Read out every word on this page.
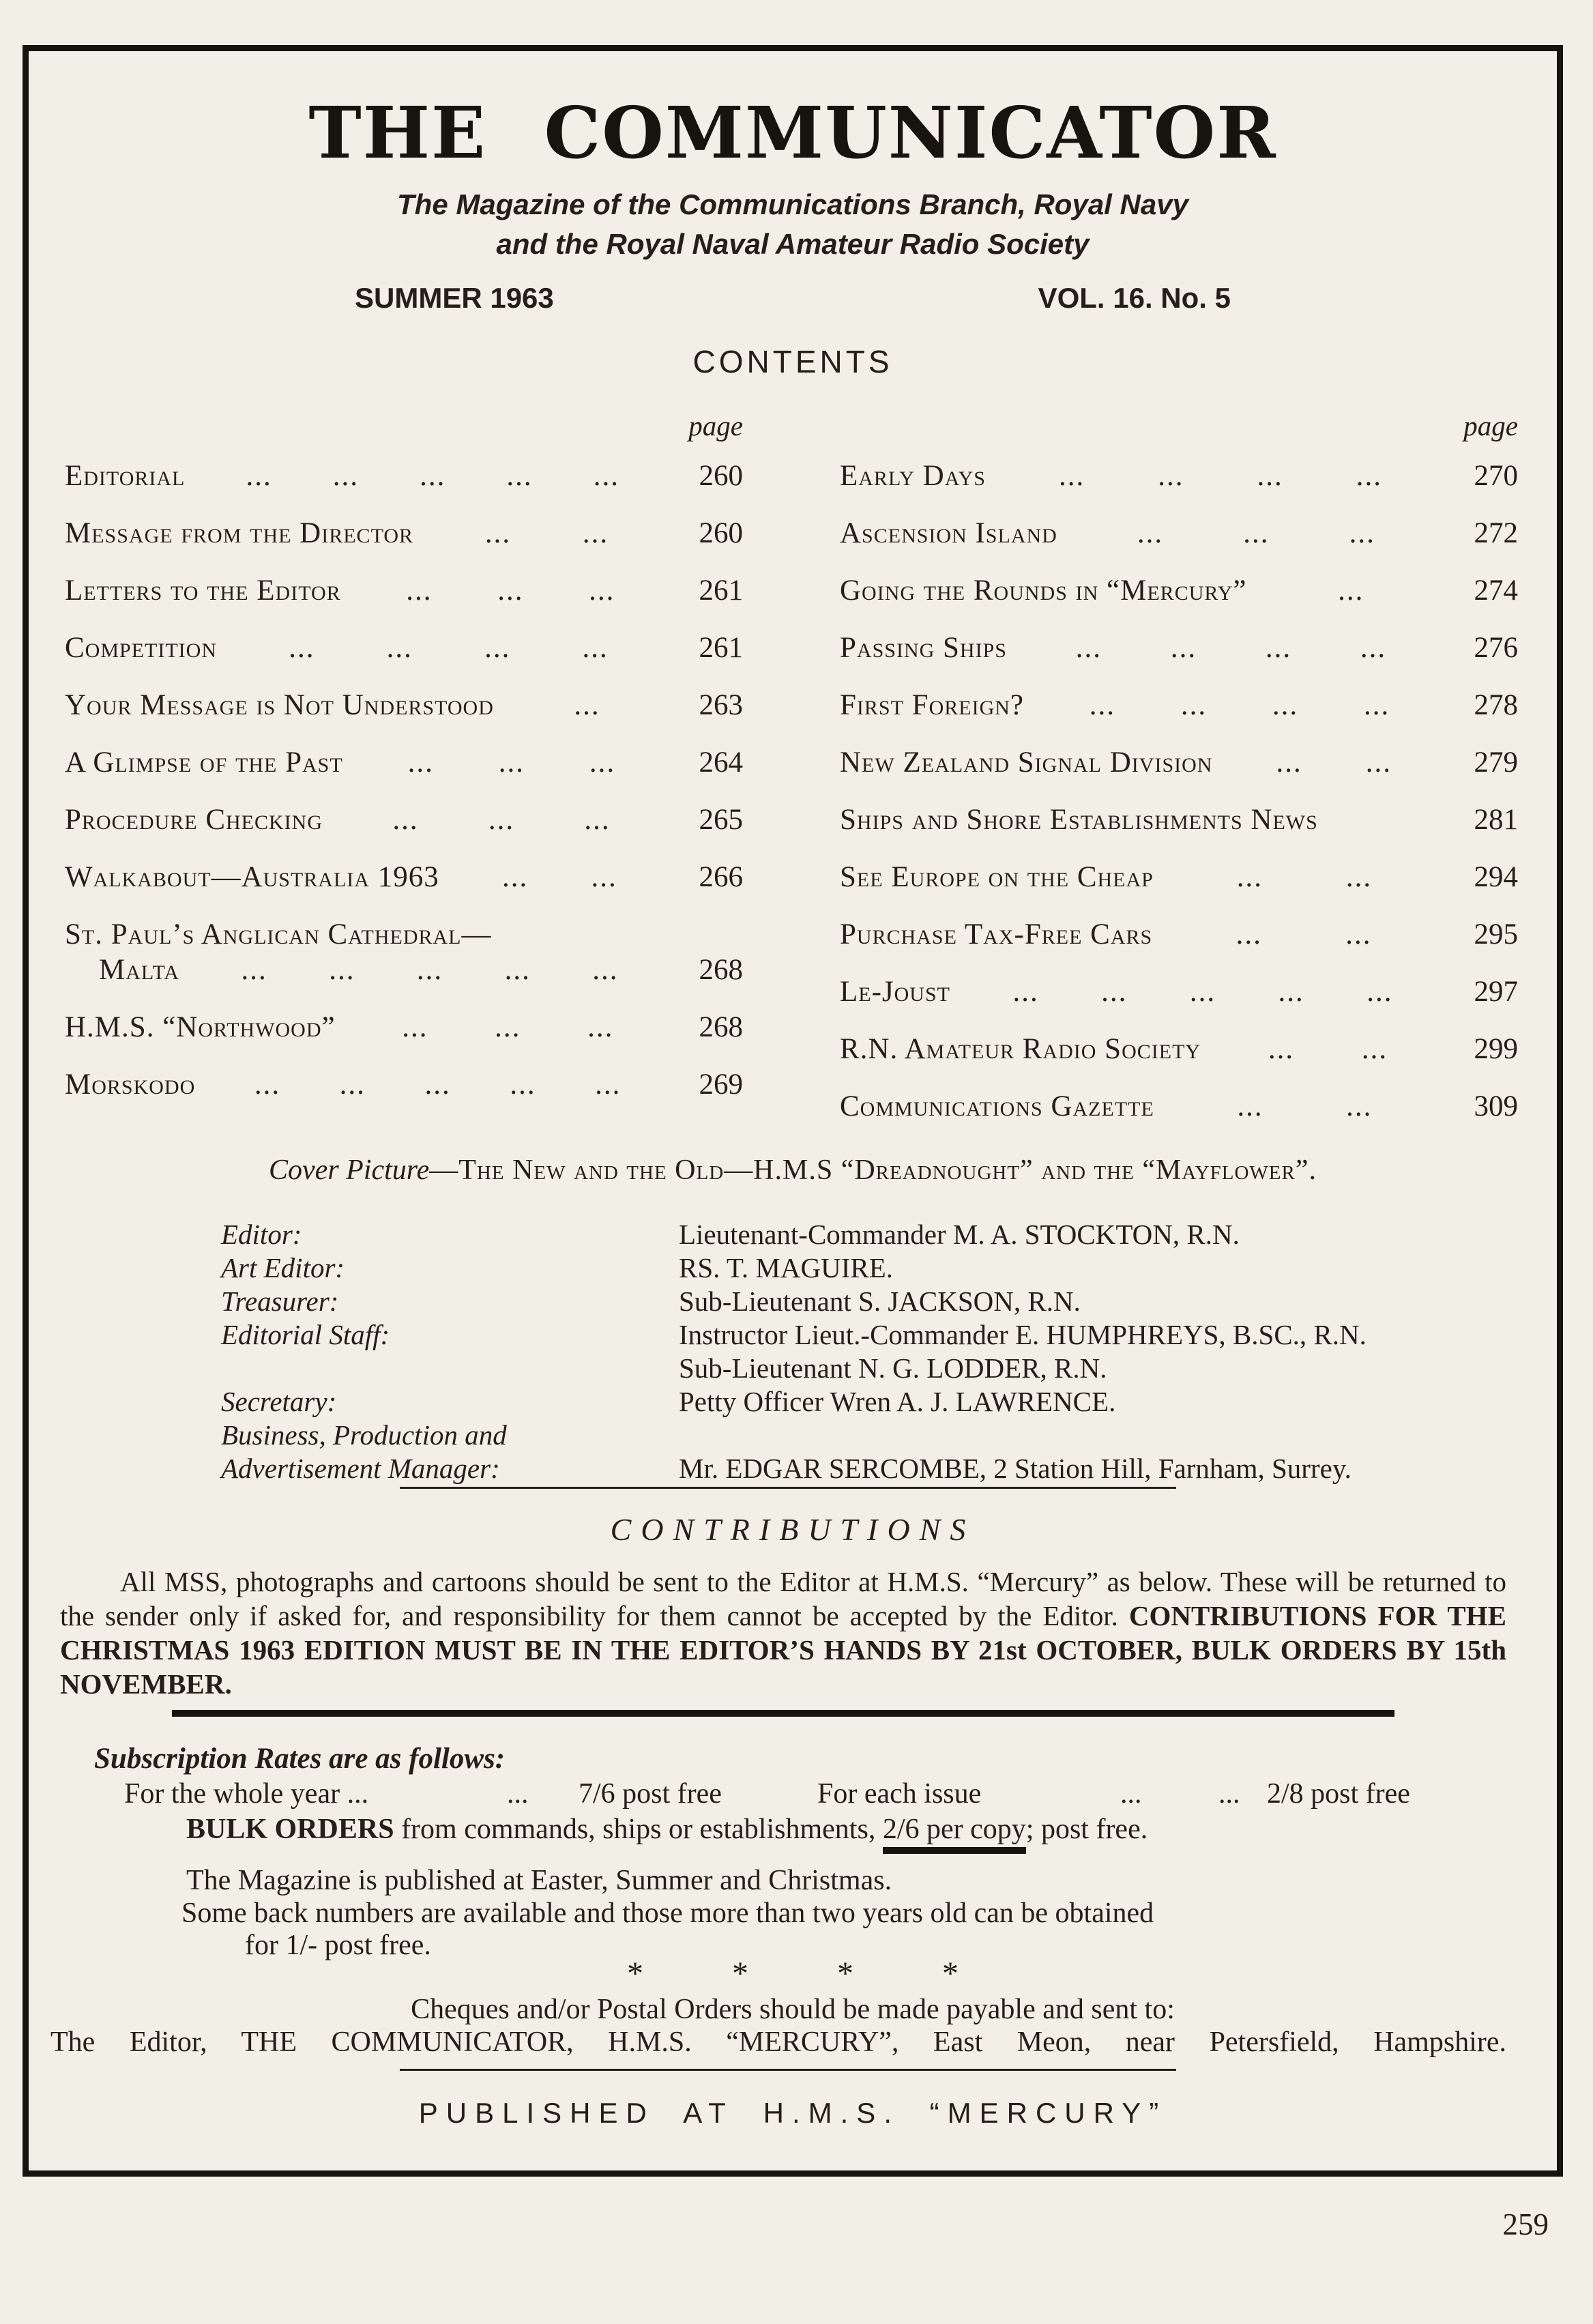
THE COMMUNICATOR
The Magazine of the Communications Branch, Royal Navy
and the Royal Naval Amateur Radio Society
SUMMER 1963	VOL. 16. No. 5
CONTENTS
page
Editorial ... ... ... ... ...	260
Message from the Director ... ...	260
Letters to the Editor ... ... ...	261
Competition ... ... ... ...	261
Your Message is Not Understood	...	263
A Glimpse of the Past ... ... ...	264
Procedure Checking ... ... ...	265
Walkabout—Australia 1963 ... ...	266
St. Paul’s Anglican Cathedral—
Malta ... ... ... ... ...	268
H.M.S. “Northwood” ... ... ...	268
Morskodo ... ... ... ... ...	269
page
Early Days ... ... ... ...	270
Ascension Island	...	...	...	272
Going the Rounds in “Mercury”	...	274
Passing Ships ... ... ... ...	276
First Foreign? ... ... ... ...	278
New Zealand Signal Division ... ...	279
Ships and Shore Establishments News	281
See Europe on the Cheap	...	...	294
Purchase Tax-Free Cars	...	...	295
Le-Joust ... ... ... ... ...	297
R.N. Amateur Radio Society ... ...	299
Communications Gazette	...	...	309
Cover Picture—The New and the Old—H.M.S “Dreadnought” and the “Mayflower”.
Editor:	Lieutenant-Commander M. A. STOCKTON, R.N.
Art Editor:	RS. T. MAGUIRE.
Treasurer:	Sub-Lieutenant S. JACKSON, R.N.
Editorial Staff:	Instructor Lieut.-Commander E. HUMPHREYS, B.SC., R.N.
Sub-Lieutenant N. G. LODDER, R.N.
Secretary:	Petty Officer Wren A. J. LAWRENCE.
Business, Production and
Advertisement Manager:	Mr. EDGAR SERCOMBE, 2 Station Hill, Farnham, Surrey.
CONTRIBUTIONS
All MSS, photographs and cartoons should be sent to the Editor at H.M.S. “Mercury” as below. These will be returned to the sender only if asked for, and responsibility for them cannot be accepted by the Editor. CONTRIBUTIONS FOR THE CHRISTMAS 1963 EDITION MUST BE IN THE EDITOR’S HANDS BY 21st OCTOBER, BULK ORDERS BY 15th NOVEMBER.
Subscription Rates are as follows:
For the whole year ...	... 7/6 post free	For each issue	...	... 2/8 post free
BULK ORDERS from commands, ships or establishments, 2/6 per copy; post free.
The Magazine is published at Easter, Summer and Christmas.
Some back numbers are available and those more than two years old can be obtained
for 1/- post free.
* * * *
Cheques and/or Postal Orders should be made payable and sent to:
The Editor, THE COMMUNICATOR, H.M.S. “MERCURY”, East Meon, near Petersfield, Hampshire.
PUBLISHED AT H.M.S. “MERCURY”
259
